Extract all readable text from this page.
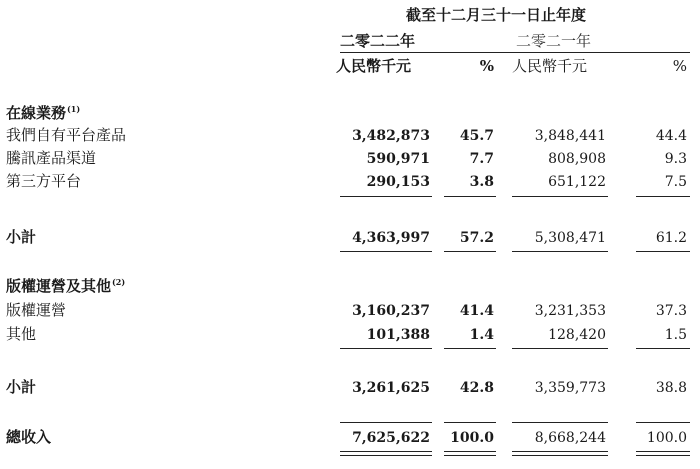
截至十二月三十一日止年度
二零二二年	二零二一年
人民幣千元	% 人民幣千元	%
在線業務$^{(1)}$
我們自有平台產品	3,482,873	45.7	3,848,441	44.4
騰訊產品渠道	590,971	7.7	808,908	9.3
第三方平台	290,153	3.8	651,122	7.5
小計	4,363,997	57.2	5,308,471	61.2
版權運營及其他$^{(2)}$
版權運營	3,160,237	41.4	3,231,353	37.3
其他	101,388	1.4	128,420	1.5
小計	3,261,625	42.8	3,359,773	38.8
總收入	7,625,622	100.0	8,668,244	100.0
